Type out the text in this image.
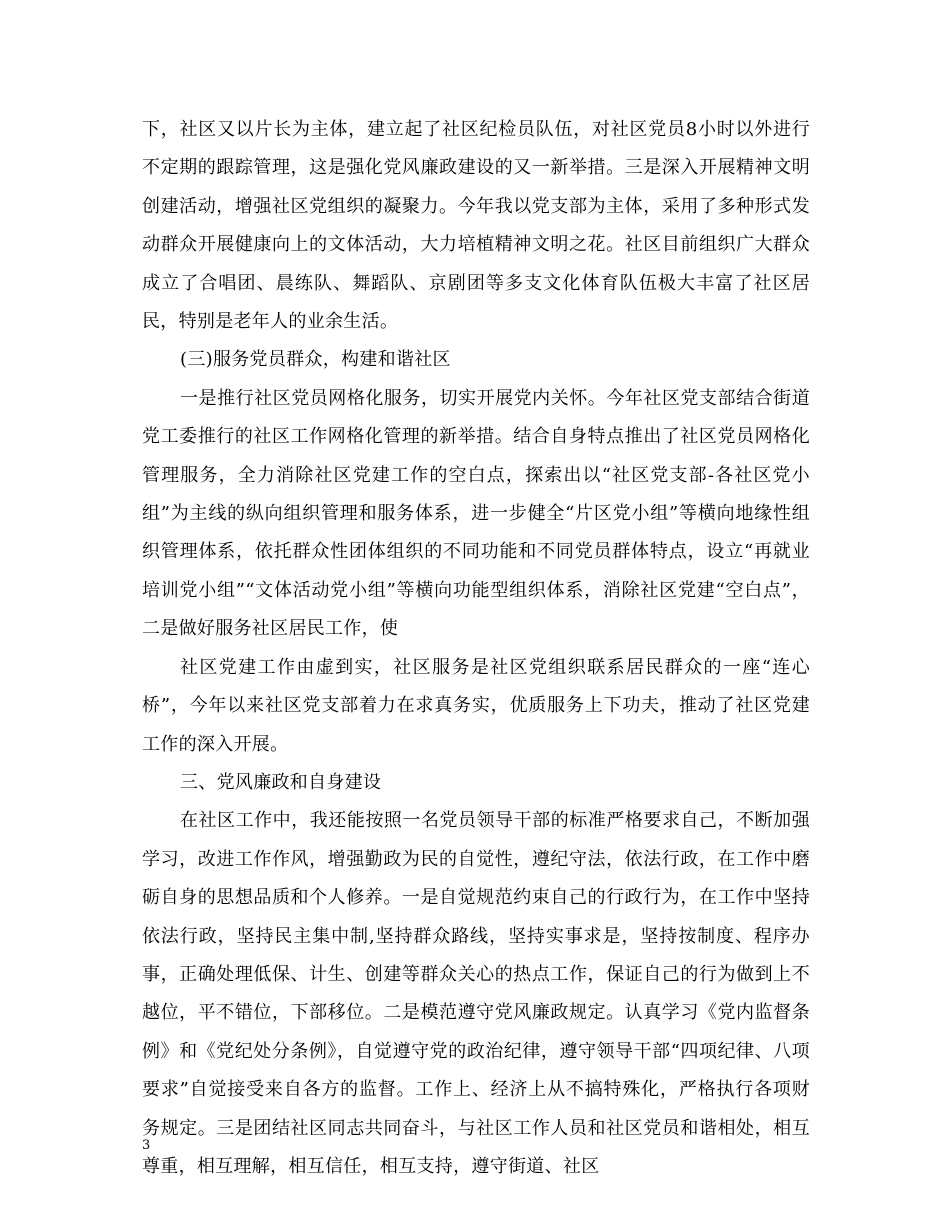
下，社区又以片长为主体，建立起了社区纪检员队伍，对社区党员8小时以外进行不定期的跟踪管理，这是强化党风廉政建设的又一新举措。三是深入开展精神文明创建活动，增强社区党组织的凝聚力。今年我以党支部为主体，采用了多种形式发动群众开展健康向上的文体活动，大力培植精神文明之花。社区目前组织广大群众成立了合唱团、晨练队、舞蹈队、京剧团等多支文化体育队伍极大丰富了社区居民，特别是老年人的业余生活。

(三)服务党员群众，构建和谐社区

一是推行社区党员网格化服务，切实开展党内关怀。今年社区党支部结合街道党工委推行的社区工作网格化管理的新举措。结合自身特点推出了社区党员网格化管理服务，全力消除社区党建工作的空白点，探索出以“社区党支部-各社区党小组”为主线的纵向组织管理和服务体系，进一步健全“片区党小组”等横向地缘性组织管理体系，依托群众性团体组织的不同功能和不同党员群体特点，设立“再就业培训党小组”“文体活动党小组”等横向功能型组织体系，消除社区党建“空白点”，二是做好服务社区居民工作，使

社区党建工作由虚到实，社区服务是社区党组织联系居民群众的一座“连心桥”，今年以来社区党支部着力在求真务实，优质服务上下功夫，推动了社区党建工作的深入开展。

三、党风廉政和自身建设

在社区工作中，我还能按照一名党员领导干部的标准严格要求自己，不断加强学习，改进工作作风，增强勤政为民的自觉性，遵纪守法，依法行政，在工作中磨砺自身的思想品质和个人修养。一是自觉规范约束自己的行政行为，在工作中坚持依法行政，坚持民主集中制,坚持群众路线，坚持实事求是，坚持按制度、程序办事，正确处理低保、计生、创建等群众关心的热点工作，保证自己的行为做到上不越位，平不错位，下部移位。二是模范遵守党风廉政规定。认真学习《党内监督条例》和《党纪处分条例》，自觉遵守党的政治纪律，遵守领导干部“四项纪律、八项要求”自觉接受来自各方的监督。工作上、经济上从不搞特殊化，严格执行各项财务规定。三是团结社区同志共同奋斗，与社区工作人员和社区党员和谐相处，相互尊重，相互理解，相互信任，相互支持，遵守街道、社区

3
